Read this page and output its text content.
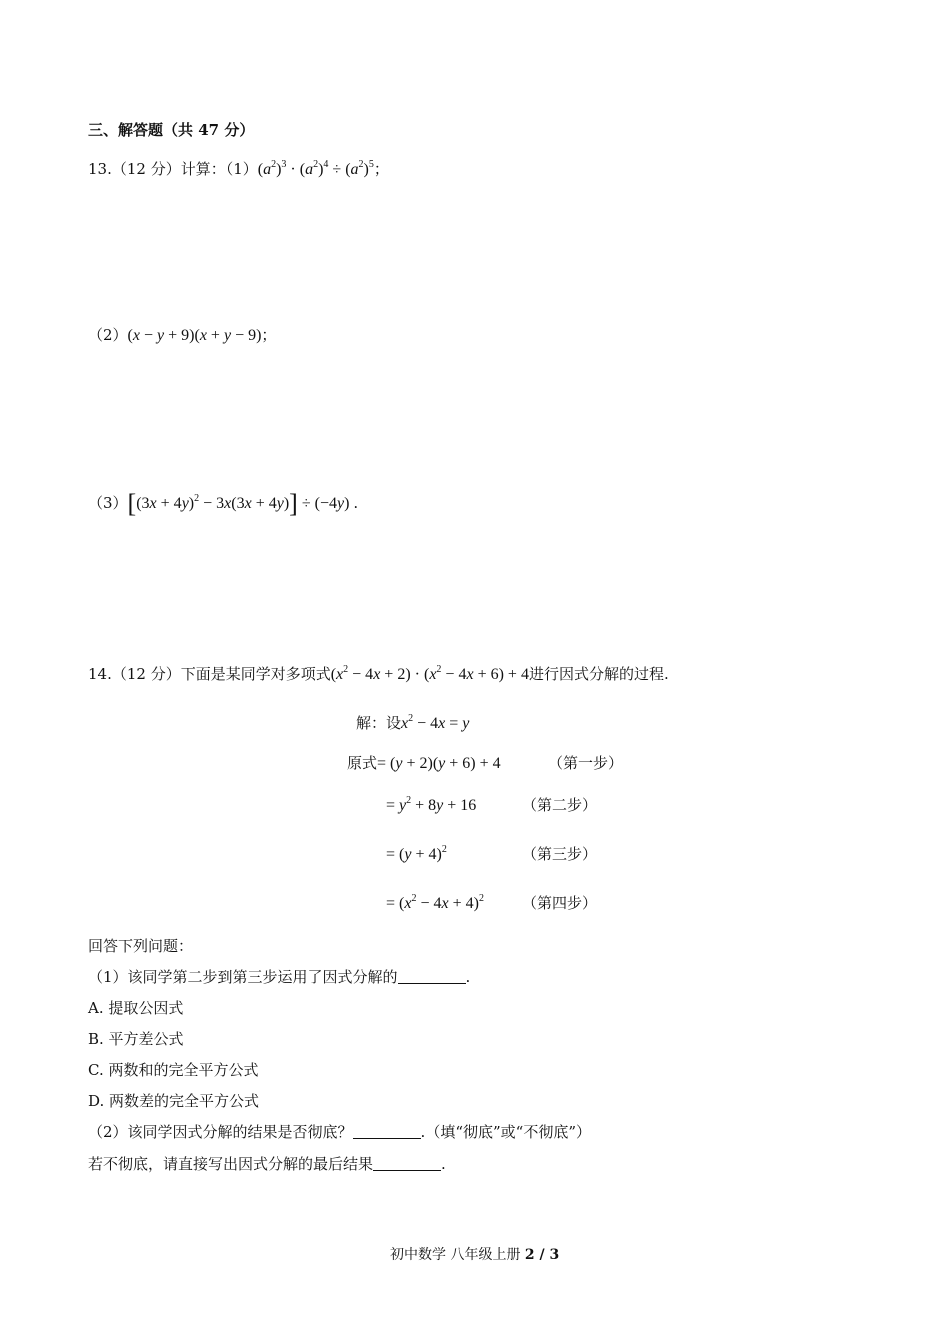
三、解答题（共 47 分）
13.（12 分）计算：$(1)(a^2)^3 \cdot (a^2)^4 \div (a^2)^5$；
（2）(x − y + 9)(x + y − 9)；
$(3)[(3x + 4y)^2 - 3x(3x + 4y)] \div (-4y)$ .
14.（12 分）下面是某同学对多项式$(x^2 - 4x + 2) \cdot (x^2 - 4x + 6) + 4$进行因式分解的过程.
解：设$x^2 - 4x = y$
原式= (y + 2)(y + 6) + 4	（第一步）
= $y^2 + 8y + 16$	（第二步）
= $(y + 4)^2$	（第三步）
= $(x^2 - 4x + 4)^2$	（第四步）
回答下列问题：
（1）该同学第二步到第三步运用了因式分解的	.
A. 提取公因式
B. 平方差公式
C. 两数和的完全平方公式
D. 两数差的完全平方公式
（2）该同学因式分解的结果是否彻底？	.（填“彻底”或“不彻底”）
若不彻底，请直接写出因式分解的最后结果	.
初中数学 八年级上册 2 / 3
